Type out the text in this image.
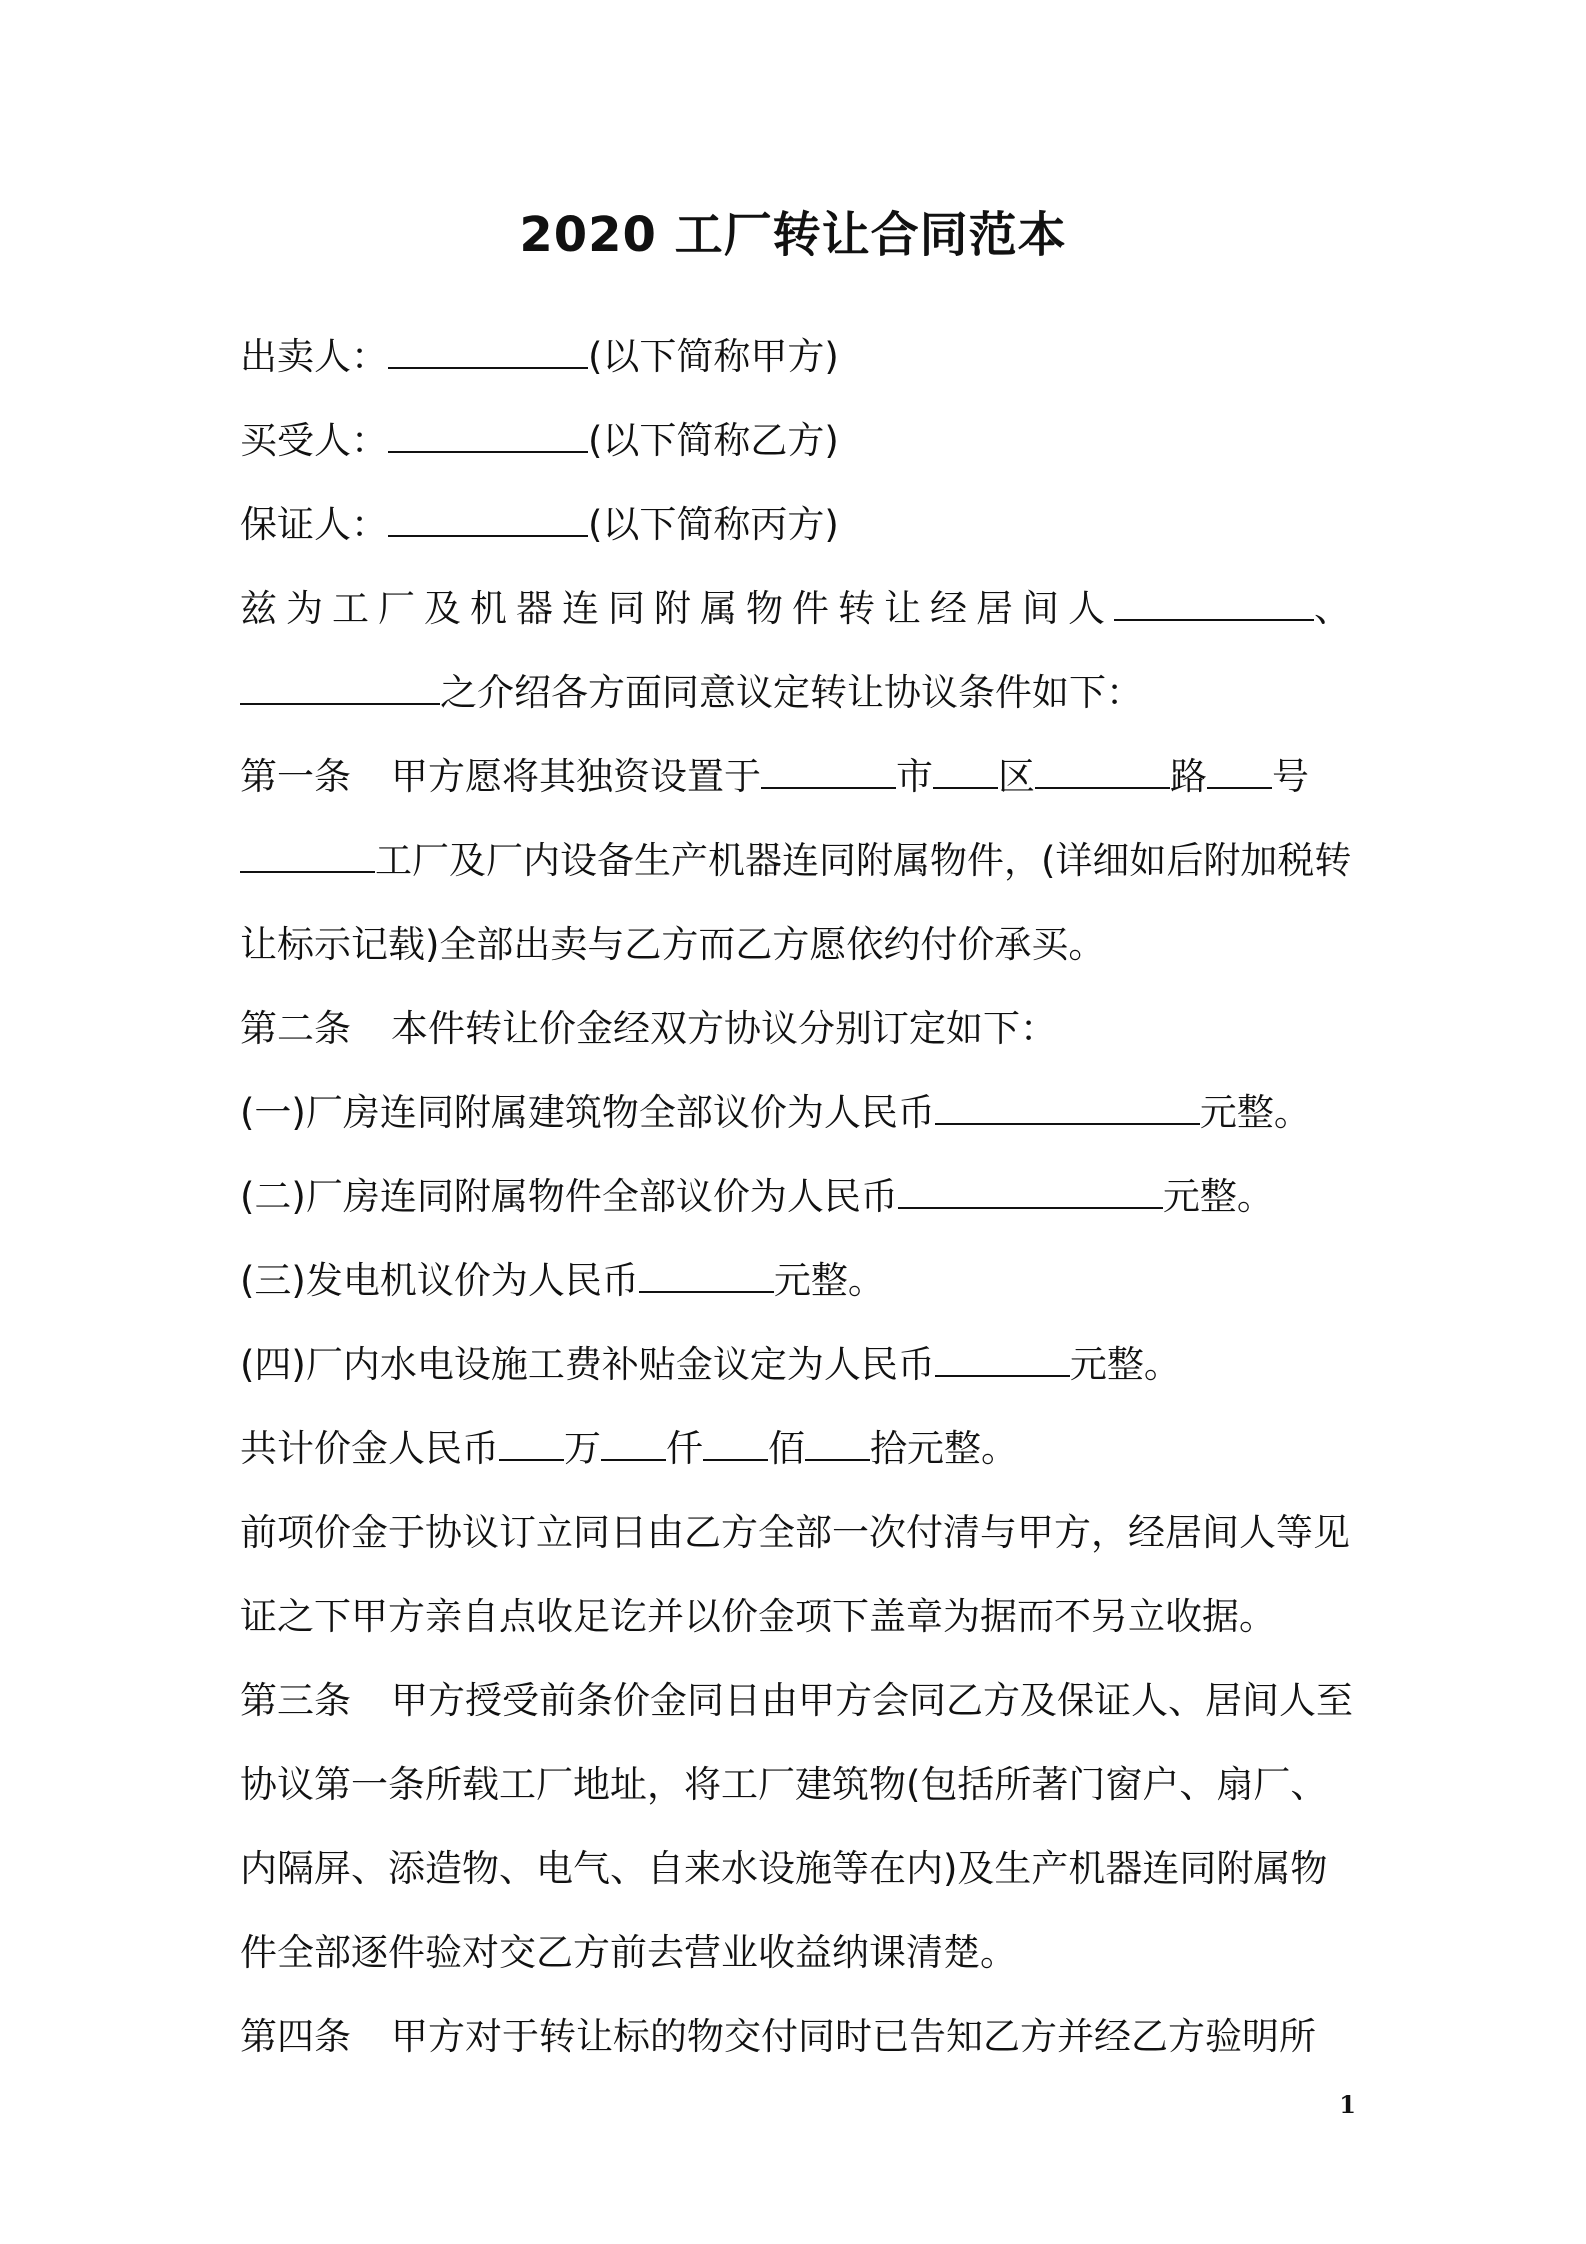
2020 工厂转让合同范本
出卖人：	(以下简称甲方)
买受人：	(以下简称乙方)
保证人：	(以下简称丙方)
兹为工厂及机器连同附属物件转让经居间人	、
之介绍各方面同意议定转让协议条件如下：
第一条 甲方愿将其独资设置于	市 区	路 号
工厂及厂内设备生产机器连同附属物件，(详细如后附加税转
让标示记载)全部出卖与乙方而乙方愿依约付价承买。
第二条 本件转让价金经双方协议分别订定如下：
(一)厂房连同附属建筑物全部议价为人民币	元整。
(二)厂房连同附属物件全部议价为人民币	元整。
(三)发电机议价为人民币	元整。
(四)厂内水电设施工费补贴金议定为人民币	元整。
共计价金人民币 万 仟 佰 拾元整。
前项价金于协议订立同日由乙方全部一次付清与甲方，经居间人等见
证之下甲方亲自点收足讫并以价金项下盖章为据而不另立收据。
第三条 甲方授受前条价金同日由甲方会同乙方及保证人、居间人至
协议第一条所载工厂地址，将工厂建筑物(包括所著门窗户、扇厂、
内隔屏、添造物、电气、自来水设施等在内)及生产机器连同附属物
件全部逐件验对交乙方前去营业收益纳课清楚。
第四条 甲方对于转让标的物交付同时已告知乙方并经乙方验明所
1
